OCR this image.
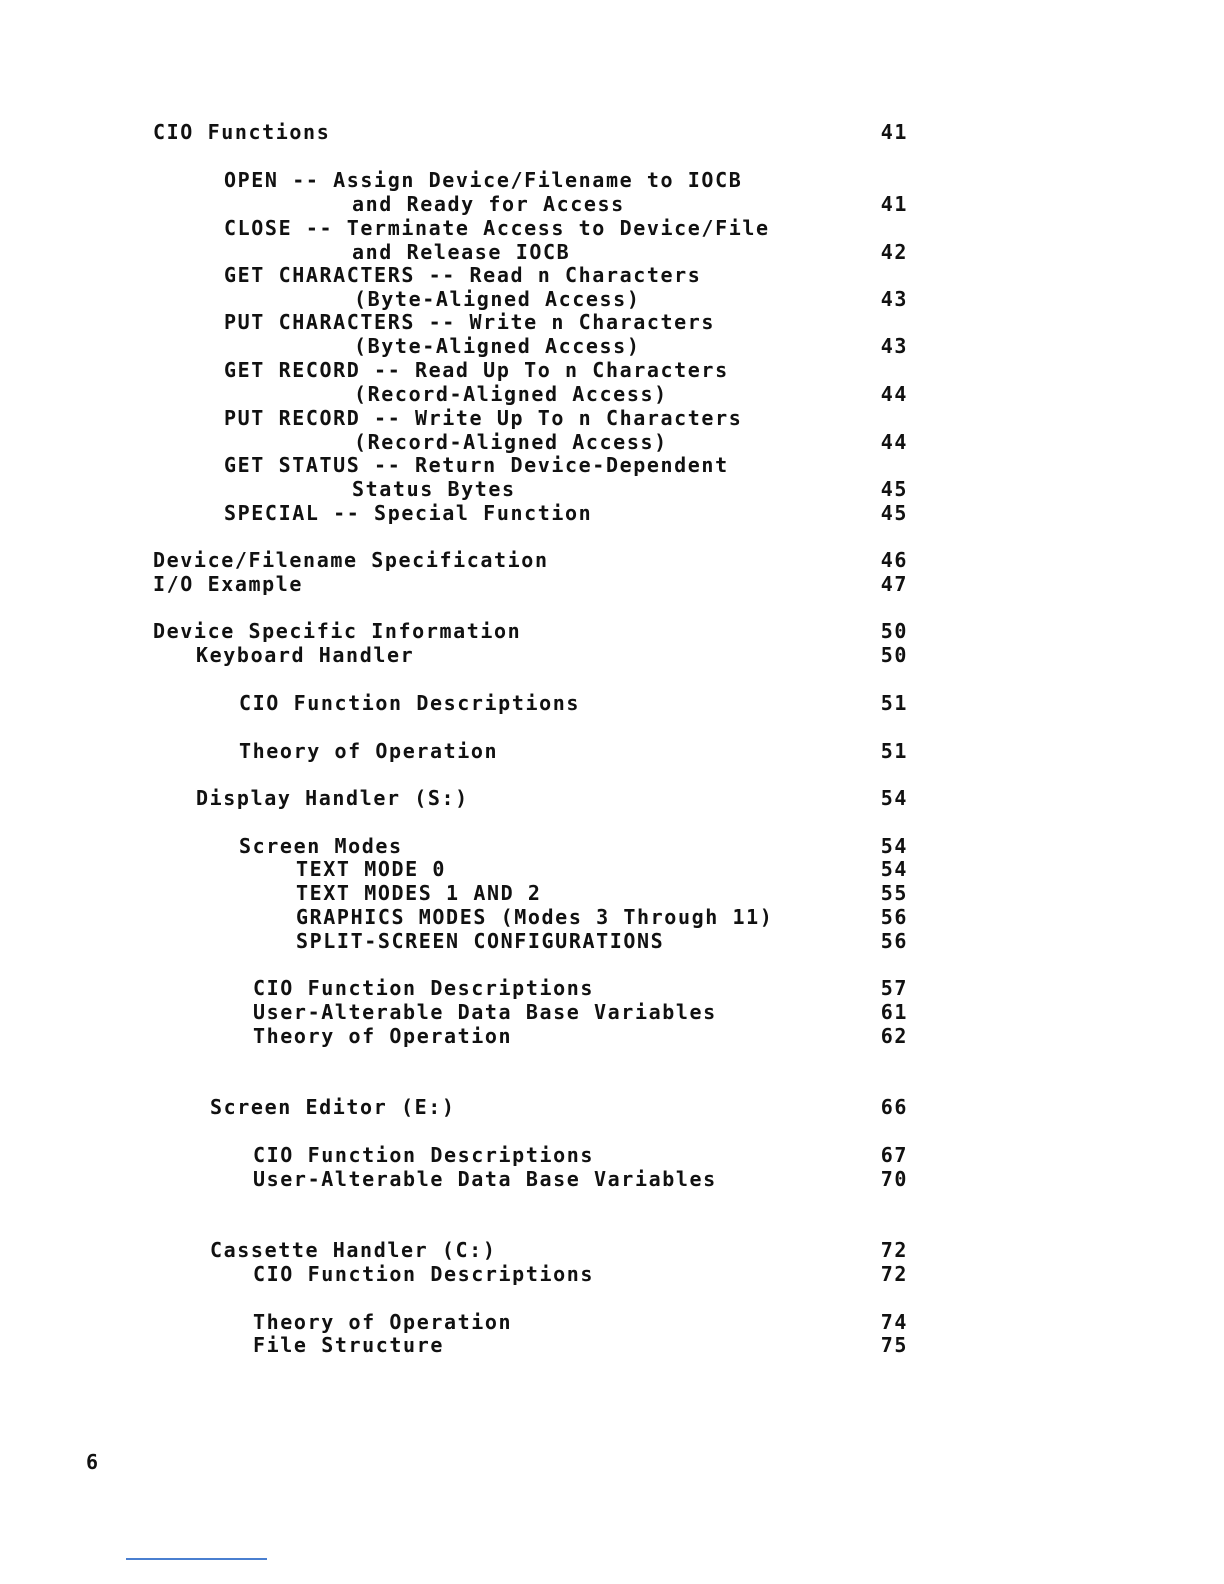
CIO Functions	41
OPEN -- Assign Device/Filename to IOCB
and Ready for Access	41
CLOSE -- Terminate Access to Device/File
and Release IOCB	42
GET CHARACTERS -- Read n Characters
(Byte-Aligned Access)	43
PUT CHARACTERS -- Write n Characters
(Byte-Aligned Access)	43
GET RECORD -- Read Up To n Characters
(Record-Aligned Access)	44
PUT RECORD -- Write Up To n Characters
(Record-Aligned Access)	44
GET STATUS -- Return Device-Dependent
Status Bytes	45
SPECIAL -- Special Function	45
Device/Filename Specification	46
I/O Example	47
Device Specific Information	50
Keyboard Handler	50
CIO Function Descriptions	51
Theory of Operation	51
Display Handler (S:)	54
Screen Modes	54
TEXT MODE 0	54
TEXT MODES 1 AND 2	55
GRAPHICS MODES (Modes 3 Through 11)	56
SPLIT-SCREEN CONFIGURATIONS	56
CIO Function Descriptions	57
User-Alterable Data Base Variables	61
Theory of Operation	62
Screen Editor (E:)	66
CIO Function Descriptions	67
User-Alterable Data Base Variables	70
Cassette Handler (C:)	72
CIO Function Descriptions	72
Theory of Operation	74
File Structure	75
6
